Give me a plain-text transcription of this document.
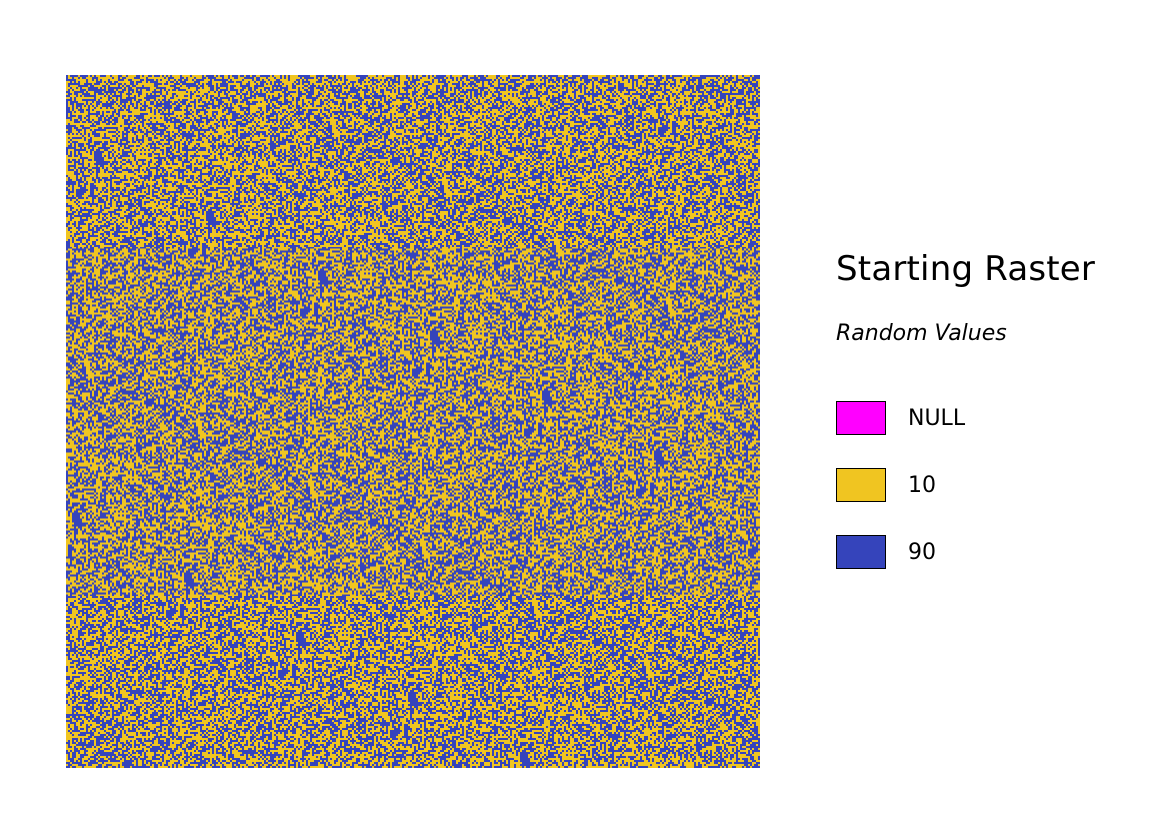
Starting Raster
Random Values
NULL
10
90
